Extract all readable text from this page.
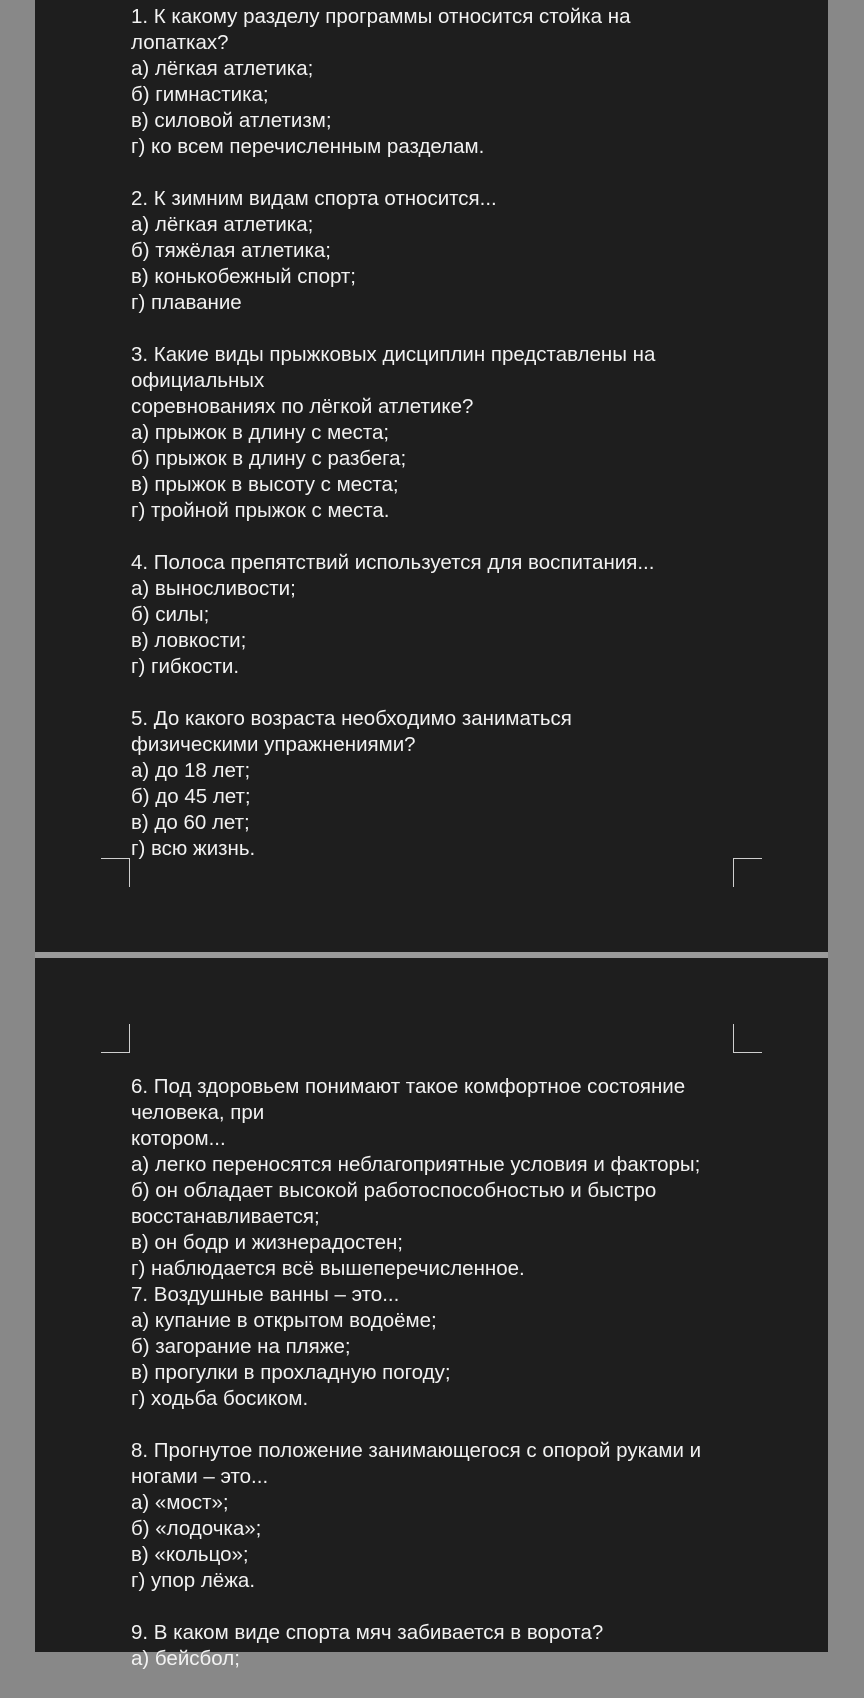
1. К какому разделу программы относится стойка на
лопатках?
а) лёгкая атлетика;
б) гимнастика;
в) силовой атлетизм;
г) ко всем перечисленным разделам.
2. К зимним видам спорта относится...
а) лёгкая атлетика;
б) тяжёлая атлетика;
в) конькобежный спорт;
г) плавание
3. Какие виды прыжковых дисциплин представлены на
официальных
соревнованиях по лёгкой атлетике?
а) прыжок в длину с места;
б) прыжок в длину с разбега;
в) прыжок в высоту с места;
г) тройной прыжок с места.
4. Полоса препятствий используется для воспитания...
а) выносливости;
б) силы;
в) ловкости;
г) гибкости.
5. До какого возраста необходимо заниматься
физическими упражнениями?
а) до 18 лет;
б) до 45 лет;
в) до 60 лет;
г) всю жизнь.
6. Под здоровьем понимают такое комфортное состояние
человека, при
котором...
а) легко переносятся неблагоприятные условия и факторы;
б) он обладает высокой работоспособностью и быстро
восстанавливается;
в) он бодр и жизнерадостен;
г) наблюдается всё вышеперечисленное.
7. Воздушные ванны – это...
а) купание в открытом водоёме;
б) загорание на пляже;
в) прогулки в прохладную погоду;
г) ходьба босиком.
8. Прогнутое положение занимающегося с опорой руками и
ногами – это...
а) «мост»;
б) «лодочка»;
в) «кольцо»;
г) упор лёжа.
9. В каком виде спорта мяч забивается в ворота?
а) бейсбол;
